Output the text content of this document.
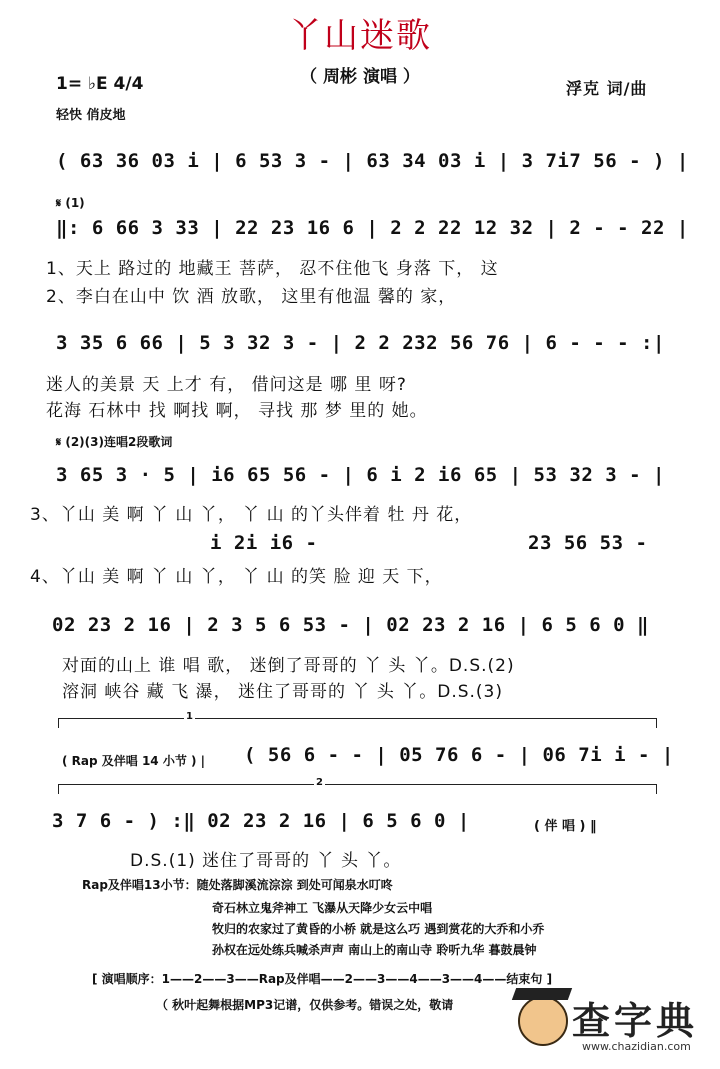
丫山迷歌
（ 周彬 演唱 ）
1= ♭E 4/4
轻快 俏皮地
浮克 词/曲
( 63 36 03 i | 6 53 3 - | 63 34 03 i | 3 7i7 56 - ) |
𝄋 (1)
‖: 6 66 3 33 | 22 23 16 6 | 2 2 22 12 32 | 2 - - 22 |
1、天上 路过的 地藏王 菩萨， 忍不住他飞 身落 下， 这
2、李白在山中 饮 酒 放歌， 这里有他温 馨的 家，
3 35 6 66 | 5 3 32 3 - | 2 2 232 56 76 | 6 - - - :|
迷人的美景 天 上才 有， 借问这是 哪 里 呀?
花海 石林中 找 啊找 啊， 寻找 那 梦 里的 她。
𝄋 (2)(3)连唱2段歌词
3 65 3 · 5 | i6 65 56 - | 6 i 2 i6 65 | 53 32 3 - |
3、丫山 美 啊 丫 山 丫， 丫 山 的丫头伴着 牡 丹 花，
i 2i i6 -	23 56 53 -
4、丫山 美 啊 丫 山 丫， 丫 山 的笑 脸 迎 天 下，
02 23 2 16 | 2 3 5 6 53 - | 02 23 2 16 | 6 5 6 0 ‖
对面的山上 谁 唱 歌， 迷倒了哥哥的 丫 头 丫。D.S.(2)
溶洞 峡谷 藏 飞 瀑， 迷住了哥哥的 丫 头 丫。D.S.(3)
1
( Rap 及伴唱 14 小节 ) | ( 56 6 - - | 05 76 6 - | 06 7i i - |
2
3 7 6 - ) :‖ 02 23 2 16 | 6 5 6 0 |	( 伴 唱 ) ‖
D.S.(1) 迷住了哥哥的 丫 头 丫。
Rap及伴唱13小节：随处落脚溪流淙淙 到处可闻泉水叮咚
奇石林立鬼斧神工 飞瀑从天降少女云中唱
牧归的农家过了黄昏的小桥 就是这么巧 遇到赏花的大乔和小乔
孙权在远处练兵喊杀声声 南山上的南山寺 聆听九华 暮鼓晨钟
[ 演唱顺序：1——2——3——Rap及伴唱——2——3——4——3——4——结束句 ]
（ 秋叶起舞根据MP3记谱，仅供参考。错误之处，敬请	查字典
www.chazidian.com
